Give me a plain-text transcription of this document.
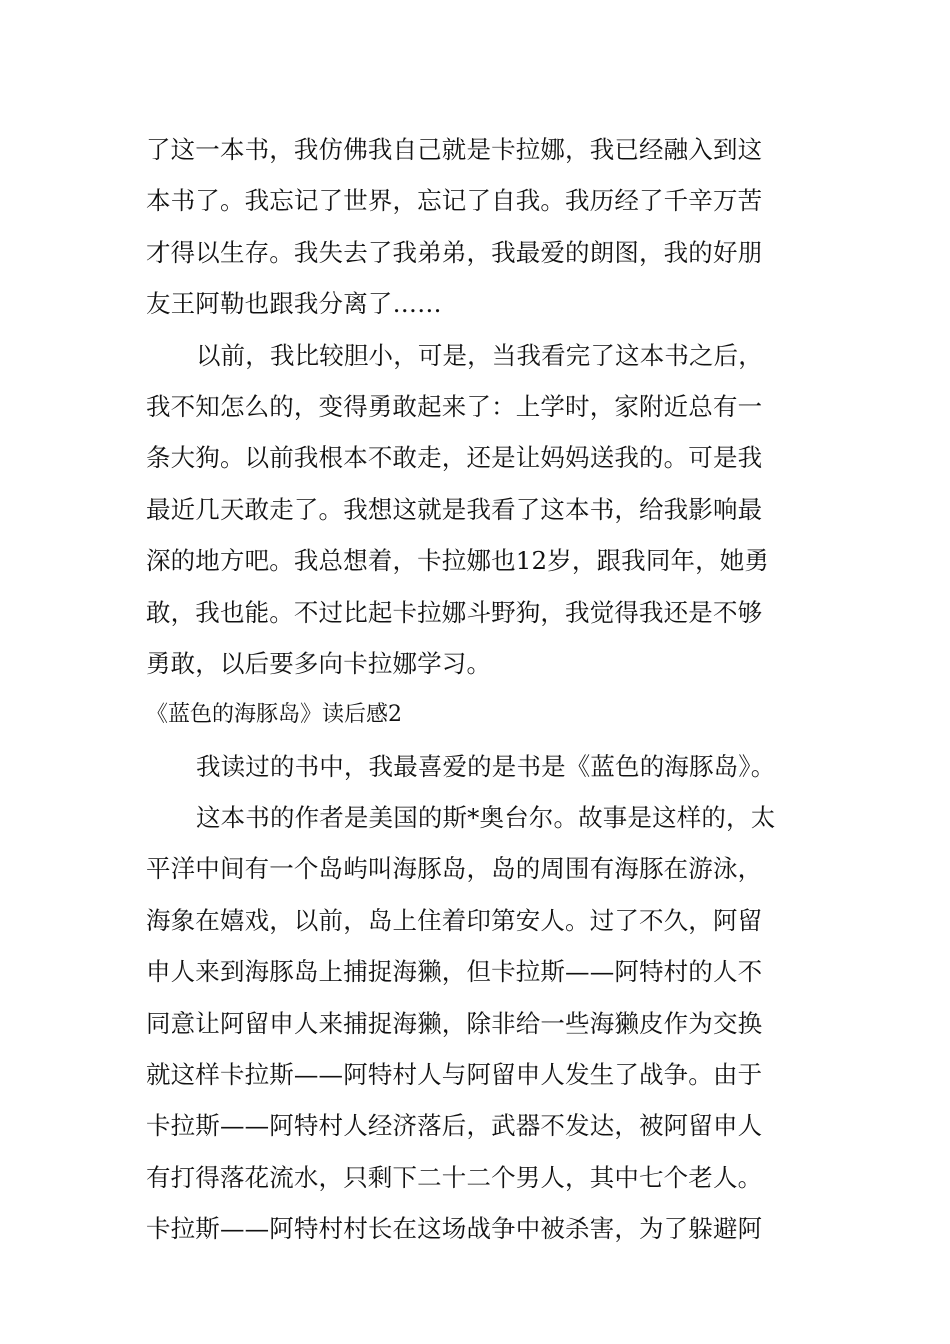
了这一本书，我仿佛我自己就是卡拉娜，我已经融入到这
本书了。我忘记了世界，忘记了自我。我历经了千辛万苦
才得以生存。我失去了我弟弟，我最爱的朗图，我的好朋
友王阿勒也跟我分离了……
以前，我比较胆小，可是，当我看完了这本书之后，
我不知怎么的，变得勇敢起来了：上学时，家附近总有一
条大狗。以前我根本不敢走，还是让妈妈送我的。可是我
最近几天敢走了。我想这就是我看了这本书，给我影响最
深的地方吧。我总想着，卡拉娜也12岁，跟我同年，她勇
敢，我也能。不过比起卡拉娜斗野狗，我觉得我还是不够
勇敢，以后要多向卡拉娜学习。
《蓝色的海豚岛》读后感2
我读过的书中，我最喜爱的是书是《蓝色的海豚岛》。
这本书的作者是美国的斯*奥台尔。故事是这样的，太
平洋中间有一个岛屿叫海豚岛，岛的周围有海豚在游泳，
海象在嬉戏，以前，岛上住着印第安人。过了不久，阿留
申人来到海豚岛上捕捉海獭，但卡拉斯——阿特村的人不
同意让阿留申人来捕捉海獭，除非给一些海獭皮作为交换
就这样卡拉斯——阿特村人与阿留申人发生了战争。由于
卡拉斯——阿特村人经济落后，武器不发达，被阿留申人
有打得落花流水，只剩下二十二个男人，其中七个老人。
卡拉斯——阿特村村长在这场战争中被杀害，为了躲避阿
